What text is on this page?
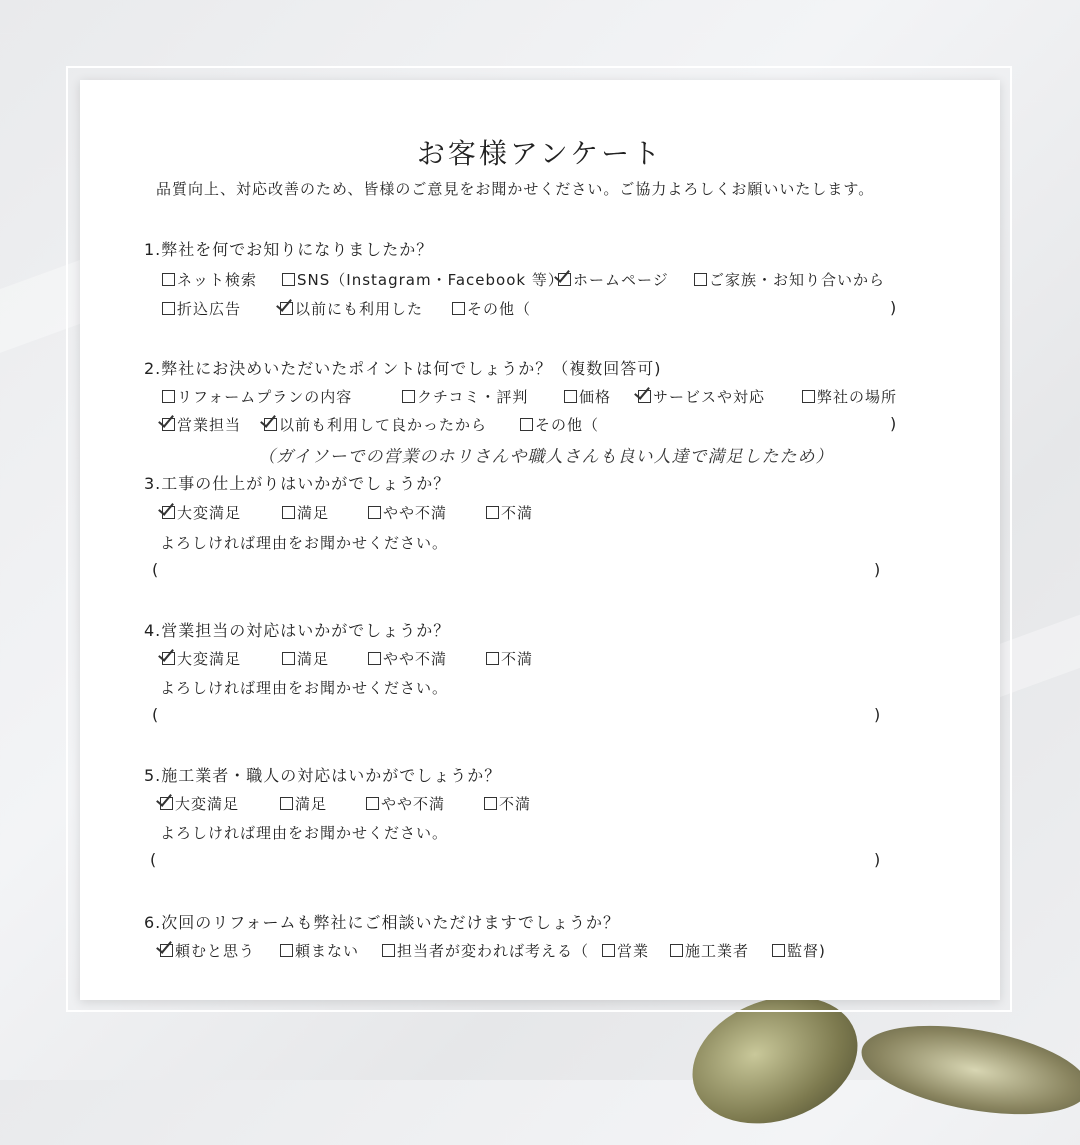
お客様アンケート
品質向上、対応改善のため、皆様のご意見をお聞かせください。ご協力よろしくお願いいたします。
1.弊社を何でお知りになりましたか？
ネット検索	SNS（Instagram・Facebook 等） ホームページ	ご家族・お知り合いから
折込広告	以前にも利用した	その他（	)
2.弊社にお決めいただいたポイントは何でしょうか？（複数回答可)
リフォームプランの内容	クチコミ・評判	価格	サービスや対応	弊社の場所
営業担当	以前も利用して良かったから	その他（	)
（ガイソーでの営業のホリさんや職人さんも良い人達で満足したため）
3.工事の仕上がりはいかがでしょうか？
大変満足	満足	やや不満	不満
よろしければ理由をお聞かせください。
(	)
4.営業担当の対応はいかがでしょうか？
大変満足	満足	やや不満	不満
よろしければ理由をお聞かせください。
(	)
5.施工業者・職人の対応はいかがでしょうか？
大変満足	満足	やや不満	不満
よろしければ理由をお聞かせください。
(	)
6.次回のリフォームも弊社にご相談いただけますでしょうか？
頼むと思う	頼まない	担当者が変われば考える（	営業	施工業者	監督)
